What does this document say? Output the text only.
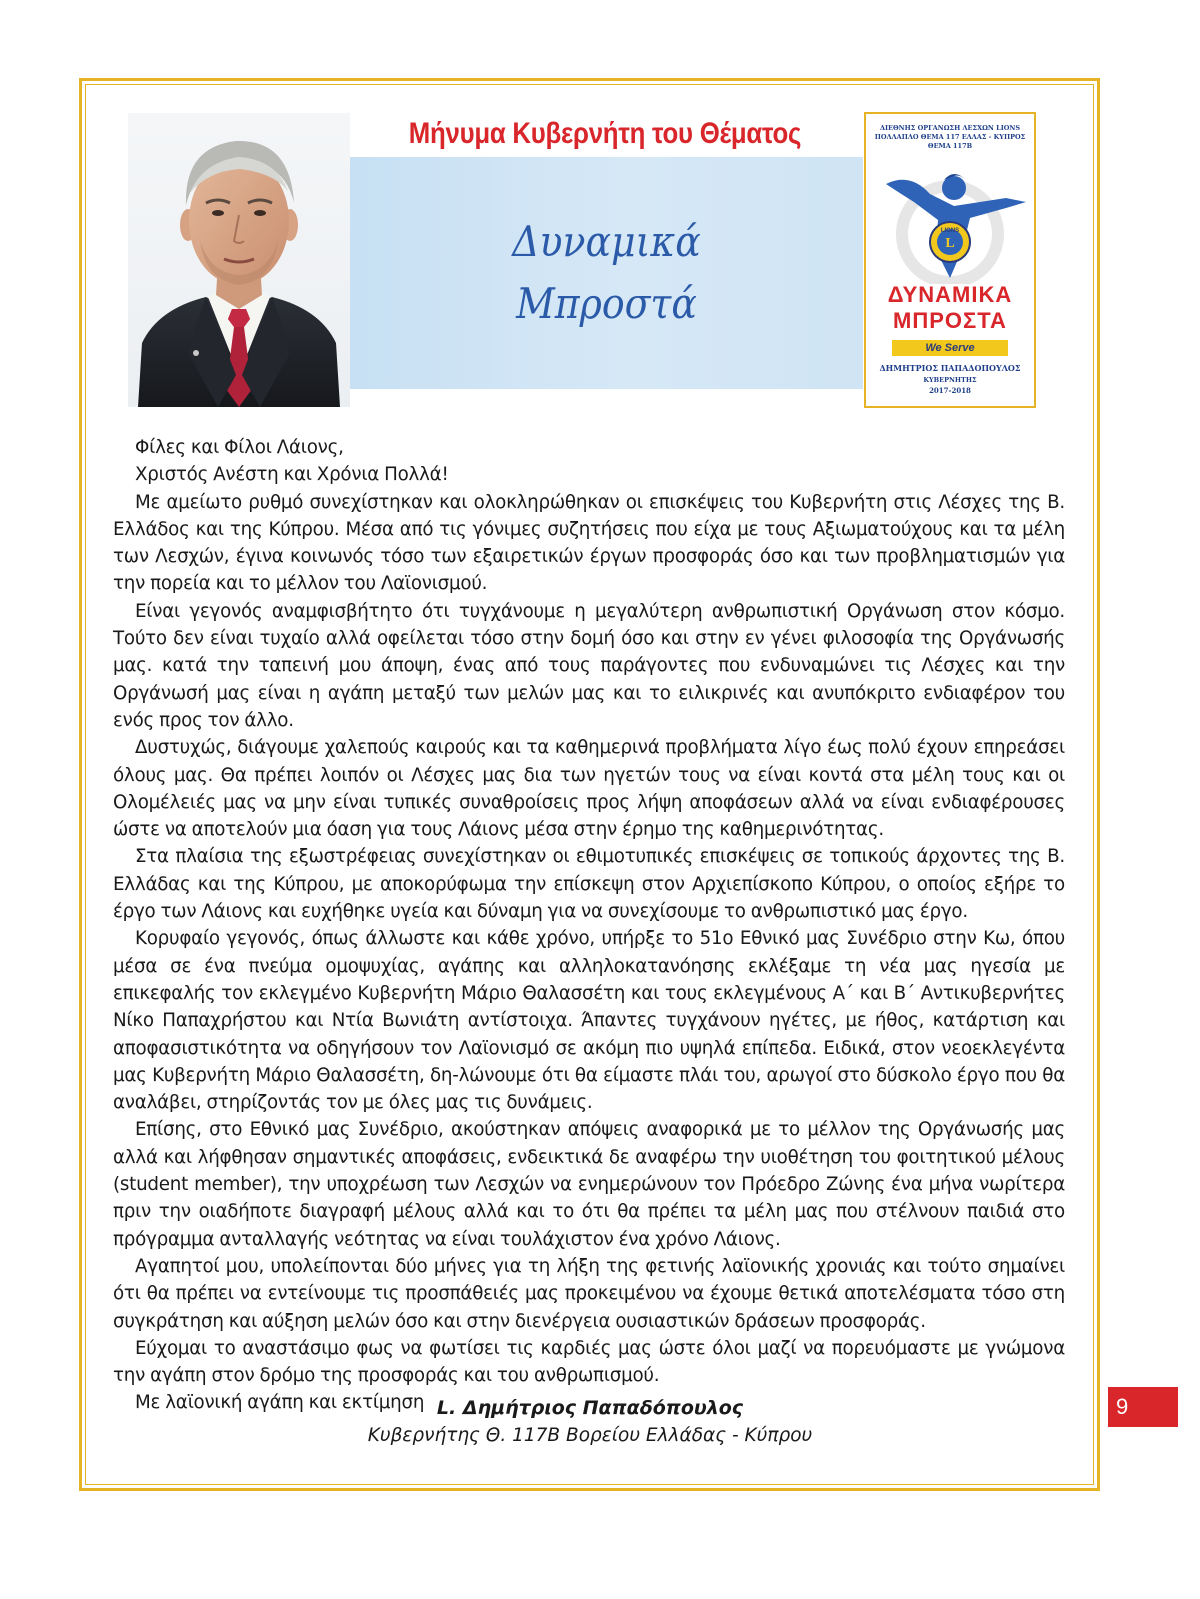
Μήνυμα Κυβερνήτη του Θέματος
Δυναμικά
Μπροστά
ΔΙΕΘΝΗΣ ΟΡΓΑΝΩΣΗ ΛΕΣΧΩΝ LIONS
ΠΟΛΛΑΠΛΟ ΘΕΜΑ 117 ΕΛΛΑΣ - ΚΥΠΡΟΣ
ΘΕΜΑ 117Β
LIONS
L
ΔΥΝΑΜΙΚΑ
ΜΠΡΟΣΤΑ
We Serve
ΔΗΜΗΤΡΙΟΣ ΠΑΠΑΔΟΠΟΥΛΟΣ
ΚΥΒΕΡΝΗΤΗΣ
2017-2018

Φίλες και Φίλοι Λάιονς,

Χριστός Ανέστη και Χρόνια Πολλά!

Με αμείωτο ρυθμό συνεχίστηκαν και ολοκληρώθηκαν οι επισκέψεις του Κυβερνήτη στις Λέσχες της Β. Ελλάδος και της Κύπρου. Μέσα από τις γόνιμες συζητήσεις που είχα με τους Αξιωματούχους και τα μέλη των Λεσχών, έγινα κοινωνός τόσο των εξαιρετικών έργων προσφοράς όσο και των προβληματισμών για την πορεία και το μέλλον του Λαϊονισμού.

Είναι γεγονός αναμφισβήτητο ότι τυγχάνουμε η μεγαλύτερη ανθρωπιστική Οργάνωση στον κόσμο. Τούτο δεν είναι τυχαίο αλλά οφείλεται τόσο στην δομή όσο και στην εν γένει φιλοσοφία της Οργάνωσής μας. κατά την ταπεινή μου άποψη, ένας από τους παράγοντες που ενδυναμώνει τις Λέσχες και την Οργάνωσή μας είναι η αγάπη μεταξύ των μελών μας και το ειλικρινές και ανυπόκριτο ενδιαφέρον του ενός προς τον άλλο.

Δυστυχώς, διάγουμε χαλεπούς καιρούς και τα καθημερινά προβλήματα λίγο έως πολύ έχουν επηρεάσει όλους μας. Θα πρέπει λοιπόν οι Λέσχες μας δια των ηγετών τους να είναι κοντά στα μέλη τους και οι Ολομέλειές μας να μην είναι τυπικές συναθροίσεις προς λήψη αποφάσεων αλλά να είναι ενδιαφέρουσες ώστε να αποτελούν μια όαση για τους Λάιονς μέσα στην έρημο της καθημερινότητας.

Στα πλαίσια της εξωστρέφειας συνεχίστηκαν οι εθιμοτυπικές επισκέψεις σε τοπικούς άρχοντες της Β. Ελλάδας και της Κύπρου, με αποκορύφωμα την επίσκεψη στον Αρχιεπίσκοπο Κύπρου, ο οποίος εξήρε το έργο των Λάιονς και ευχήθηκε υγεία και δύναμη για να συνεχίσουμε το ανθρωπιστικό μας έργο.

Κορυφαίο γεγονός, όπως άλλωστε και κάθε χρόνο, υπήρξε το 51ο Εθνικό μας Συνέδριο στην Κω, όπου μέσα σε ένα πνεύμα ομοψυχίας, αγάπης και αλληλοκατανόησης εκλέξαμε τη νέα μας ηγεσία με επικεφαλής τον εκλεγμένο Κυβερνήτη Μάριο Θαλασσέτη και τους εκλεγμένους Α΄ και Β΄ Αντικυβερνήτες Νίκο Παπαχρήστου και Ντία Βωνιάτη αντίστοιχα. Άπαντες τυγχάνουν ηγέτες, με ήθος, κατάρτιση και αποφασιστικότητα να οδηγήσουν τον Λαϊονισμό σε ακόμη πιο υψηλά επίπεδα. Ειδικά, στον νεοεκλεγέντα μας Κυβερνήτη Μάριο Θαλασσέτη, δη-λώνουμε ότι θα είμαστε πλάι του, αρωγοί στο δύσκολο έργο που θα αναλάβει, στηρίζοντάς τον με όλες μας τις δυνάμεις.

Επίσης, στο Εθνικό μας Συνέδριο, ακούστηκαν απόψεις αναφορικά με το μέλλον της Οργάνωσής μας αλλά και λήφθησαν σημαντικές αποφάσεις, ενδεικτικά δε αναφέρω την υιοθέτηση του φοιτητικού μέλους (student member), την υποχρέωση των Λεσχών να ενημερώνουν τον Πρόεδρο Ζώνης ένα μήνα νωρίτερα πριν την οιαδήποτε διαγραφή μέλους αλλά και το ότι θα πρέπει τα μέλη μας που στέλνουν παιδιά στο πρόγραμμα ανταλλαγής νεότητας να είναι τουλάχιστον ένα χρόνο Λάιονς.

Αγαπητοί μου, υπολείπονται δύο μήνες για τη λήξη της φετινής λαϊονικής χρονιάς και τούτο σημαίνει ότι θα πρέπει να εντείνουμε τις προσπάθειές μας προκειμένου να έχουμε θετικά αποτελέσματα τόσο στη συγκράτηση και αύξηση μελών όσο και στην διενέργεια ουσιαστικών δράσεων προσφοράς.

Εύχομαι το αναστάσιμο φως να φωτίσει τις καρδιές μας ώστε όλοι μαζί να πορευόμαστε με γνώμονα την αγάπη στον δρόμο της προσφοράς και του ανθρωπισμού.

Με λαϊονική αγάπη και εκτίμηση L. Δημήτριος Παπαδόπουλος
Κυβερνήτης Θ. 117Β Βορείου Ελλάδας - Κύπρου
9
